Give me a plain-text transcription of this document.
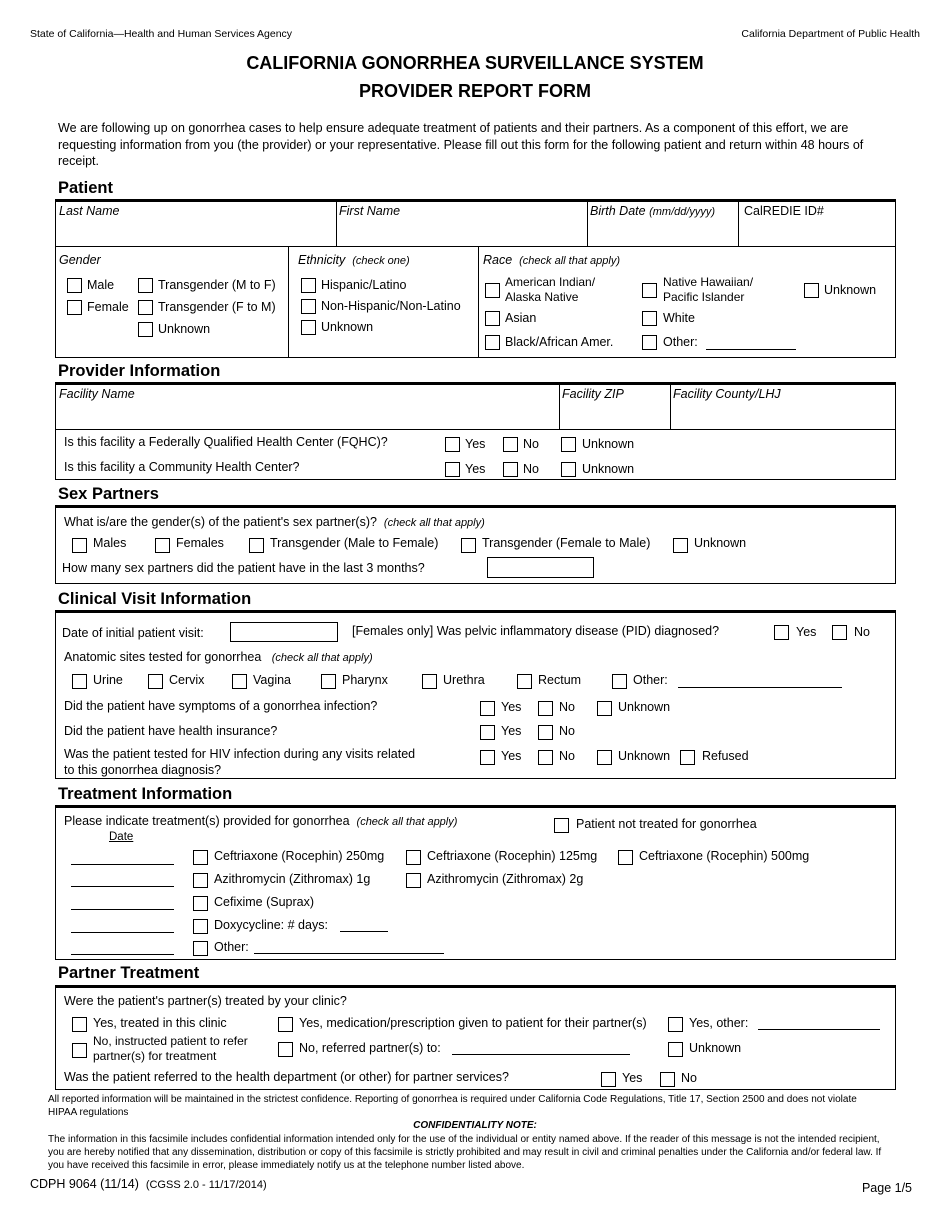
State of California—Health and Human Services Agency	California Department of Public Health
CALIFORNIA GONORRHEA SURVEILLANCE SYSTEM
PROVIDER REPORT FORM
We are following up on gonorrhea cases to help ensure adequate treatment of patients and their partners. As a component of this effort, we are requesting information from you (the provider) or your representative. Please fill out this form for the following patient and return within 48 hours of receipt.
Patient
Last Name	First Name	Birth Date (mm/dd/yyyy) CalREDIE ID#
Gender
Male
Female
Transgender (M to F)
Transgender (F to M)
Unknown
Ethnicity (check one)
Hispanic/Latino
Non-Hispanic/Non-Latino
Unknown
Race (check all that apply)
American Indian/
Alaska Native
Native Hawaiian/
Pacific Islander	Unknown
Asian	White
Black/African Amer.	Other:
Provider Information
Facility Name	Facility ZIP	Facility County/LHJ
Is this facility a Federally Qualified Health Center (FQHC)?	Yes	No	Unknown
Is this facility a Community Health Center?	Yes	No	Unknown
Sex Partners
What is/are the gender(s) of the patient's sex partner(s)? (check all that apply)
Males	Females	Transgender (Male to Female)	Transgender (Female to Male)	Unknown
How many sex partners did the patient have in the last 3 months?
Clinical Visit Information
Date of initial patient visit:	[Females only] Was pelvic inflammatory disease (PID) diagnosed?	Yes	No
Anatomic sites tested for gonorrhea (check all that apply)
Urine	Cervix	Vagina	Pharynx	Urethra	Rectum	Other:
Did the patient have symptoms of a gonorrhea infection?	Yes	No	Unknown
Did the patient have health insurance?	Yes	No
Was the patient tested for HIV infection during any visits related
to this gonorrhea diagnosis?
Yes	No	Unknown	Refused
Treatment Information
Please indicate treatment(s) provided for gonorrhea (check all that apply)	Patient not treated for gonorrhea
Date
Ceftriaxone (Rocephin) 250mg	Ceftriaxone (Rocephin) 125mg	Ceftriaxone (Rocephin) 500mg
Azithromycin (Zithromax) 1g	Azithromycin (Zithromax) 2g
Cefixime (Suprax)
Doxycycline: # days:
Other:
Partner Treatment
Were the patient's partner(s) treated by your clinic?
Yes, treated in this clinic	Yes, medication/prescription given to patient for their partner(s)	Yes, other:
No, instructed patient to refer
partner(s) for treatment
No, referred partner(s) to:	Unknown
Was the patient referred to the health department (or other) for partner services?	Yes	No
All reported information will be maintained in the strictest confidence. Reporting of gonorrhea is required under California Code Regulations, Title 17, Section 2500 and does not violate HIPAA regulations
CONFIDENTIALITY NOTE:
The information in this facsimile includes confidential information intended only for the use of the individual or entity named above. If the reader of this message is not the intended recipient, you are hereby notified that any dissemination, distribution or copy of this facsimile is strictly prohibited and may result in civil and criminal penalties under the California and/or federal law. If you have received this facsimile in error, please immediately notify us at the telephone number listed above.
CDPH 9064 (11/14) (CGSS 2.0 - 11/17/2014)	Page 1/5
